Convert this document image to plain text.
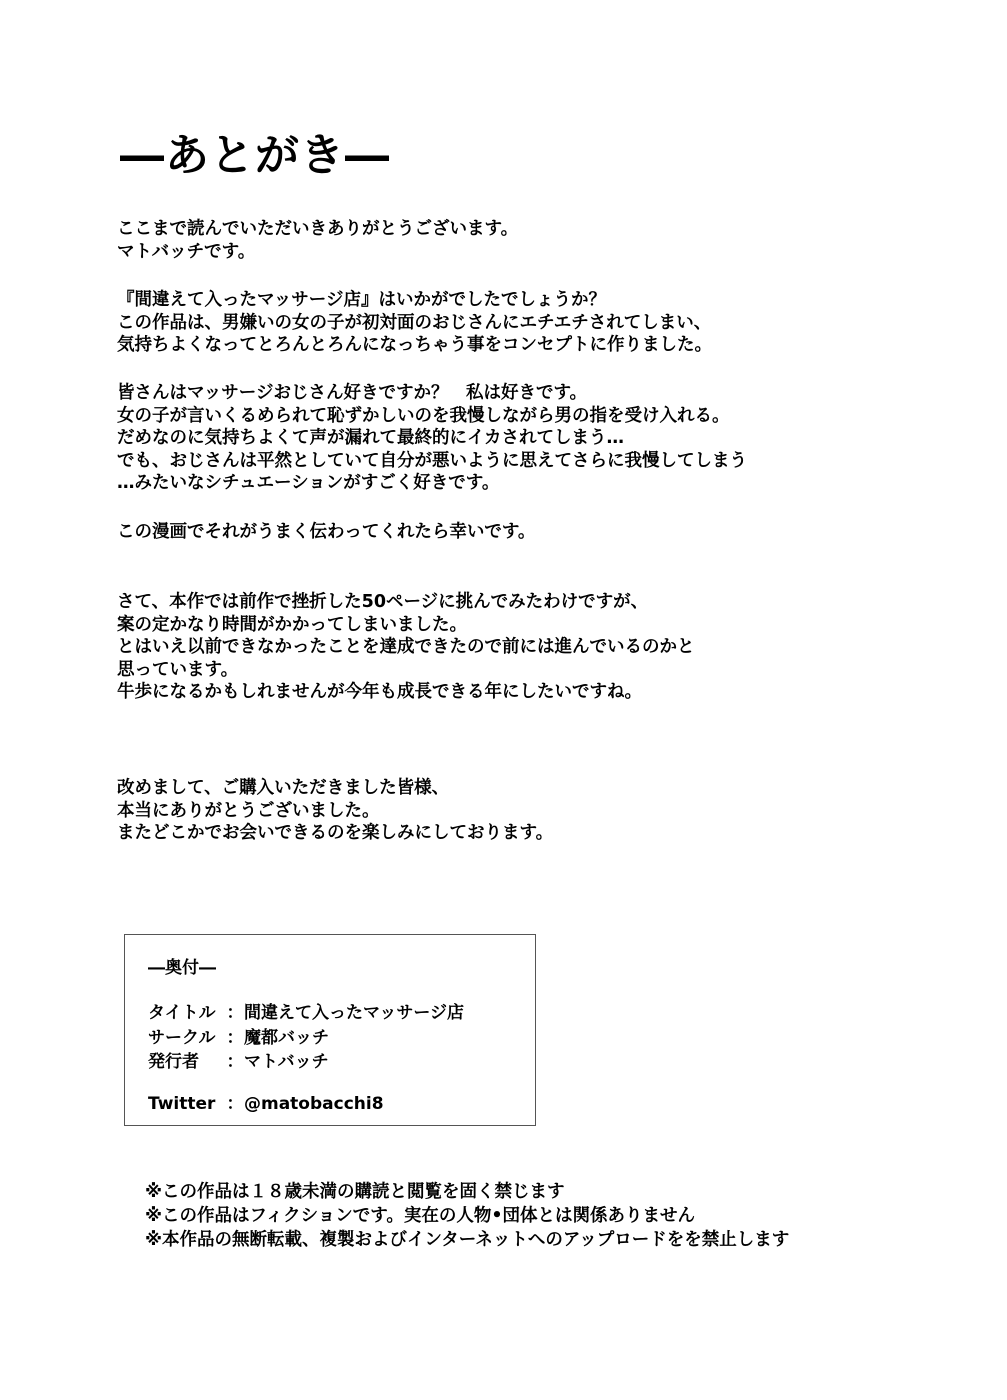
―あとがき―
ここまで読んでいただいきありがとうございます。
マトバッチです。
『間違えて入ったマッサージ店』はいかがでしたでしょうか？
この作品は、男嫌いの女の子が初対面のおじさんにエチエチされてしまい、
気持ちよくなってとろんとろんになっちゃう事をコンセプトに作りました。
皆さんはマッサージおじさん好きですか？　私は好きです。
女の子が言いくるめられて恥ずかしいのを我慢しながら男の指を受け入れる。
だめなのに気持ちよくて声が漏れて最終的にイカされてしまう…
でも、おじさんは平然としていて自分が悪いように思えてさらに我慢してしまう
…みたいなシチュエーションがすごく好きです。
この漫画でそれがうまく伝わってくれたら幸いです。
さて、本作では前作で挫折した50ページに挑んでみたわけですが、
案の定かなり時間がかかってしまいました。
とはいえ以前できなかったことを達成できたので前には進んでいるのかと
思っています。
牛歩になるかもしれませんが今年も成長できる年にしたいですね。
改めまして、ご購入いただきました皆様、
本当にありがとうございました。
またどこかでお会いできるのを楽しみにしております。
―奥付―
タイトル ： 間違えて入ったマッサージ店
サークル ： 魔都バッチ
発行者	： マトバッチ
Twitter ： @matobacchi8
※この作品は１８歳未満の購読と閲覧を固く禁じます
※この作品はフィクションです。実在の人物•団体とは関係ありません
※本作品の無断転載、複製およびインターネットへのアップロードをを禁止します
